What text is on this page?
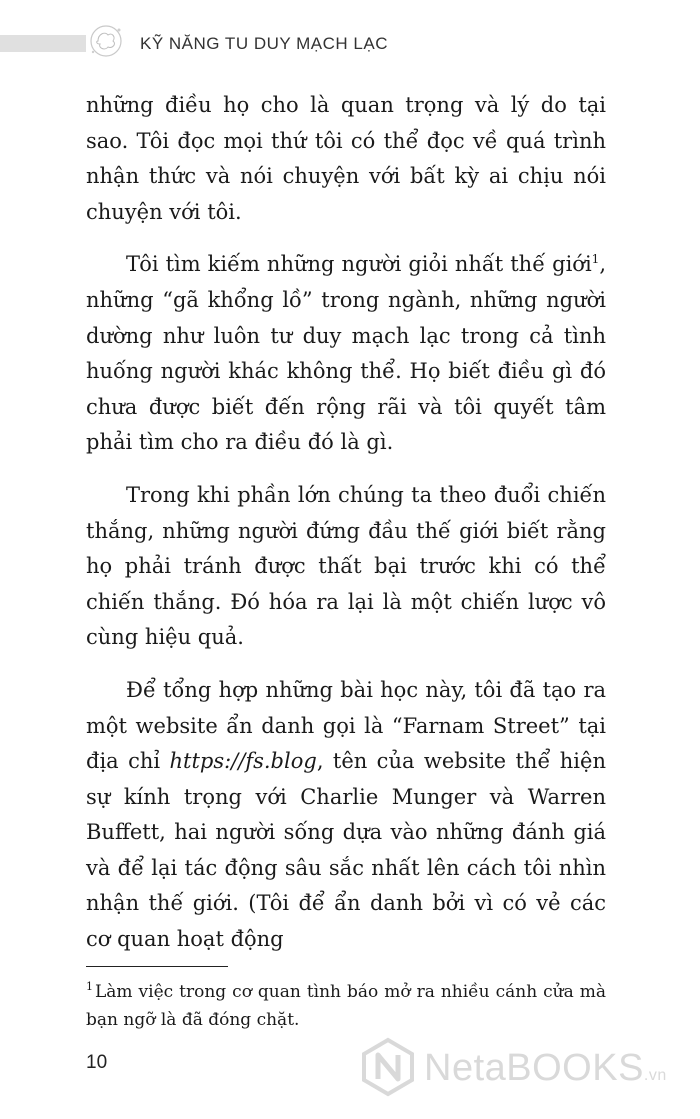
KỸ NĂNG TU DUY MẠCH LẠC

những điều họ cho là quan trọng và lý do tại sao. Tôi đọc mọi thứ tôi có thể đọc về quá trình nhận thức và nói chuyện với bất kỳ ai chịu nói chuyện với tôi.

Tôi tìm kiếm những người giỏi nhất thế giới$^1$, những “gã khổng lồ” trong ngành, những người dường như luôn tư duy mạch lạc trong cả tình huống người khác không thể. Họ biết điều gì đó chưa được biết đến rộng rãi và tôi quyết tâm phải tìm cho ra điều đó là gì.

Trong khi phần lớn chúng ta theo đuổi chiến thắng, những người đứng đầu thế giới biết rằng họ phải tránh được thất bại trước khi có thể chiến thắng. Đó hóa ra lại là một chiến lược vô cùng hiệu quả.

Để tổng hợp những bài học này, tôi đã tạo ra một website ẩn danh gọi là “Farnam Street” tại địa chỉ https://fs.blog, tên của website thể hiện sự kính trọng với Charlie Munger và Warren Buffett, hai người sống dựa vào những đánh giá và để lại tác động sâu sắc nhất lên cách tôi nhìn nhận thế giới. (Tôi để ẩn danh bởi vì có vẻ các cơ quan hoạt động

$^1$ Làm việc trong cơ quan tình báo mở ra nhiều cánh cửa mà bạn ngỡ là đã đóng chặt.
10	NetaBOOKS.vn
